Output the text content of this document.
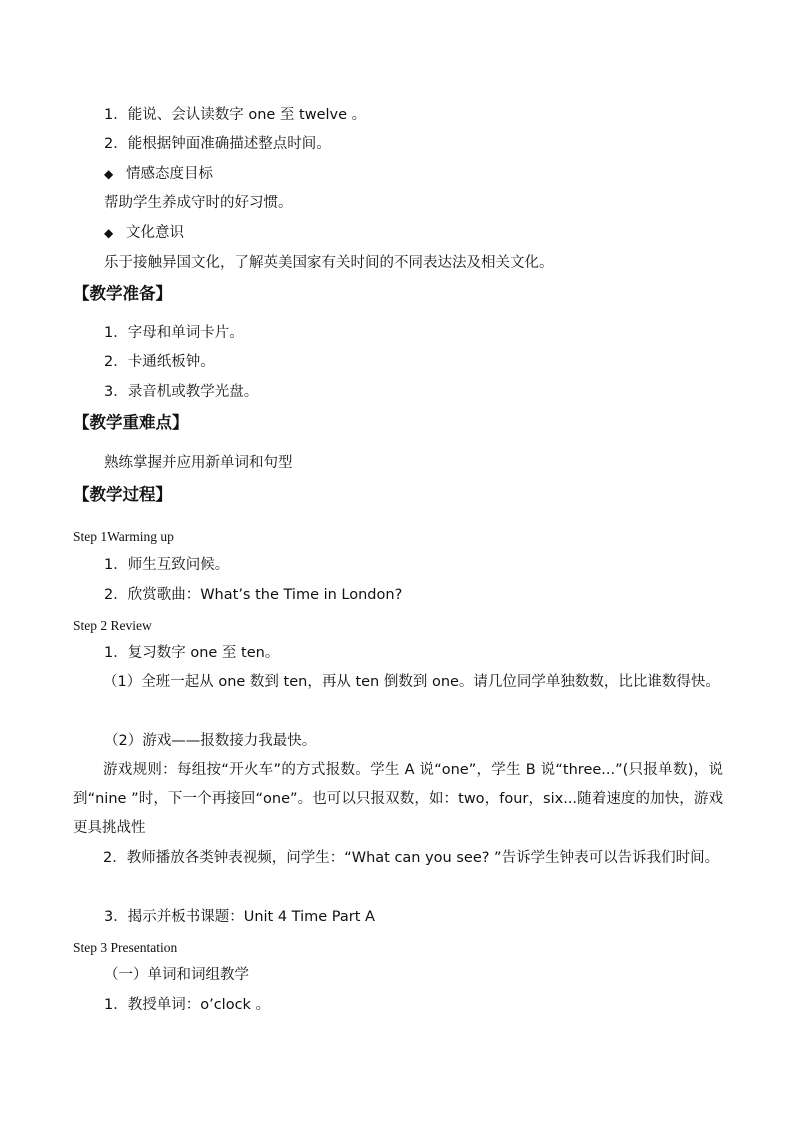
1．能说、会认读数字 one 至 twelve 。
2．能根据钟面准确描述整点时间。
◆ 情感态度目标
帮助学生养成守时的好习惯。
◆ 文化意识
乐于接触异国文化，了解英美国家有关时间的不同表达法及相关文化。
【教学准备】
1．字母和单词卡片。
2．卡通纸板钟。
3．录音机或教学光盘。
【教学重难点】
熟练掌握并应用新单词和句型
【教学过程】
Step 1Warming up
1．师生互致问候。
2．欣赏歌曲：What’s the Time in London?
Step 2 Review
1．复习数字 one 至 ten。
（1）全班一起从 one 数到 ten，再从 ten 倒数到 one。请几位同学单独数数，比比谁数得快。
（2）游戏——报数接力我最快。
游戏规则：每组按“开火车”的方式报数。学生 A 说“one”，学生 B 说“three...”(只报单数)，说到“nine ”时，下一个再接回“one”。也可以只报双数，如：two，four，six...随着速度的加快，游戏更具挑战性
2．教师播放各类钟表视频，问学生：“What can you see? ”告诉学生钟表可以告诉我们时间。
3．揭示并板书课题：Unit 4 Time Part A
Step 3 Presentation
（一）单词和词组教学
1．教授单词：o’clock 。
